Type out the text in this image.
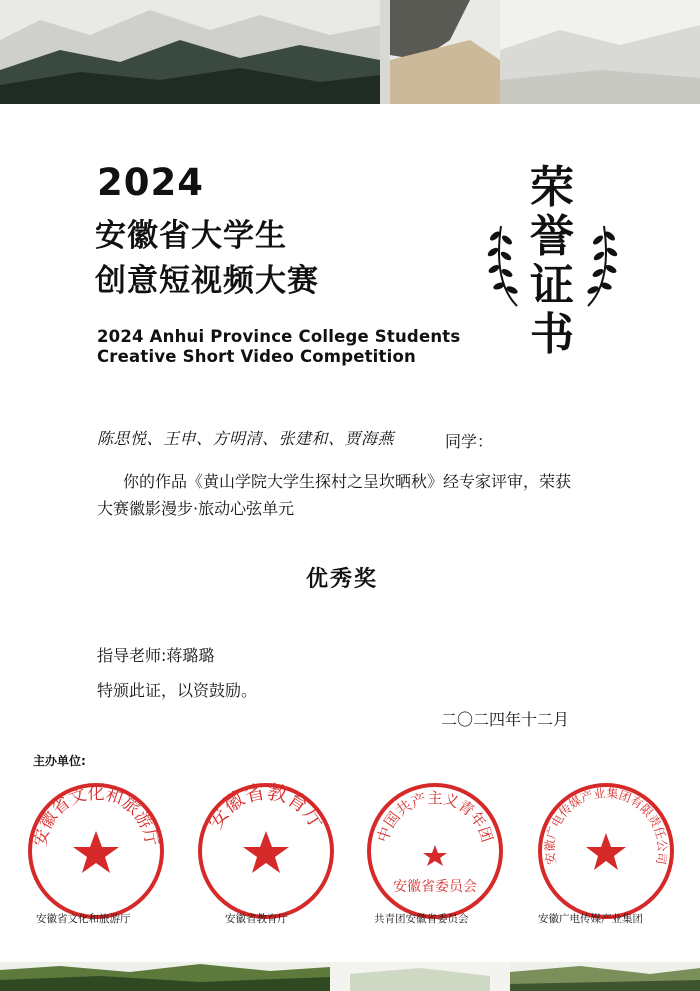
2024
安徽省大学生
创意短视频大赛
2024 Anhui Province College Students
Creative Short Video Competition
荣
誉
证
书
陈思悦、王申、方明清、张建和、贾海燕	同学：
你的作品《黄山学院大学生探村之呈坎晒秋》经专家评审，荣获
大赛徽影漫步·旅动心弦单元
优秀奖
指导老师:蒋璐璐
特颁此证，以资鼓励。
二〇二四年十二月
主办单位:
安徽省文化和旅游厅
安徽省文化和旅游厅
安徽省教育厅
安徽省教育厅
中国共产主义青年团
安徽省委员会
共青团安徽省委员会
安徽广电传媒产业集团有限责任公司
安徽广电传媒产业集团
